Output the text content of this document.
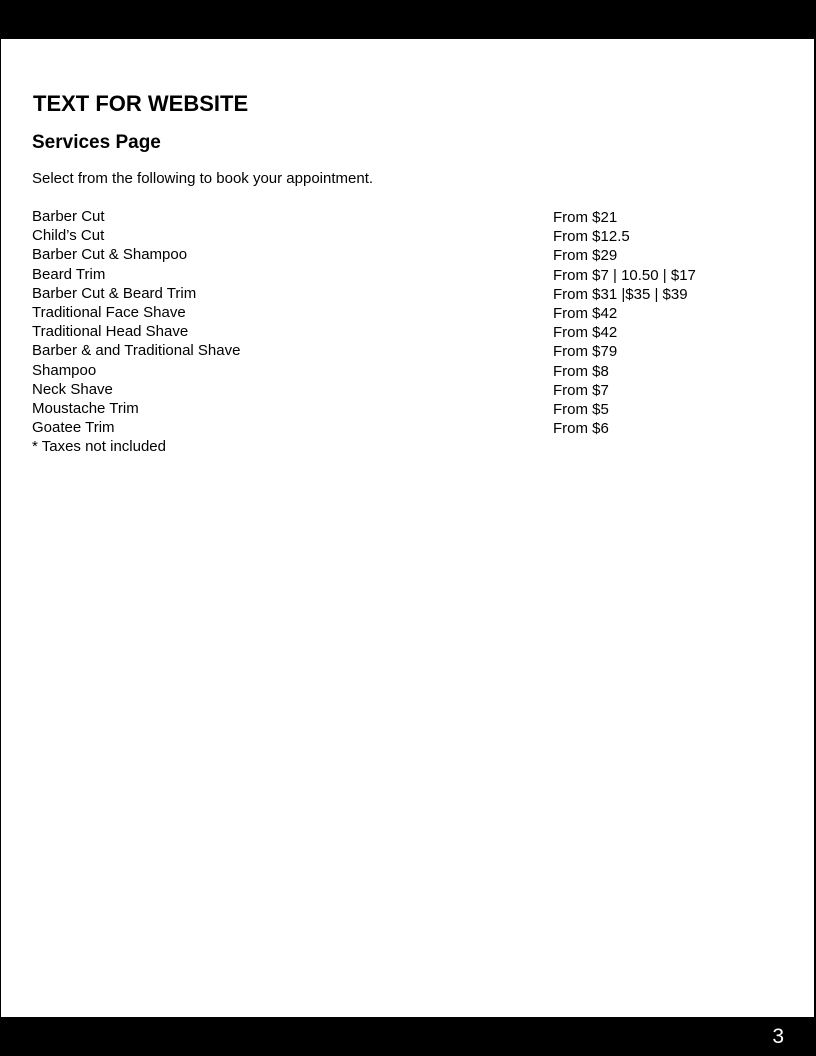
TEXT FOR WEBSITE
Services Page

Select from the following to book your appointment.

Barber Cut
Child’s Cut
Barber Cut & Shampoo
Beard Trim
Barber Cut & Beard Trim
Traditional Face Shave
Traditional Head Shave
Barber & and Traditional Shave
Shampoo
Neck Shave
Moustache Trim
Goatee Trim
From $21
From $12.5
From $29
From $7 | 10.50 | $17
From $31 |$35 | $39
From $42
From $42
From $79
From $8
From $7
From $5
From $6

* Taxes not included

3
